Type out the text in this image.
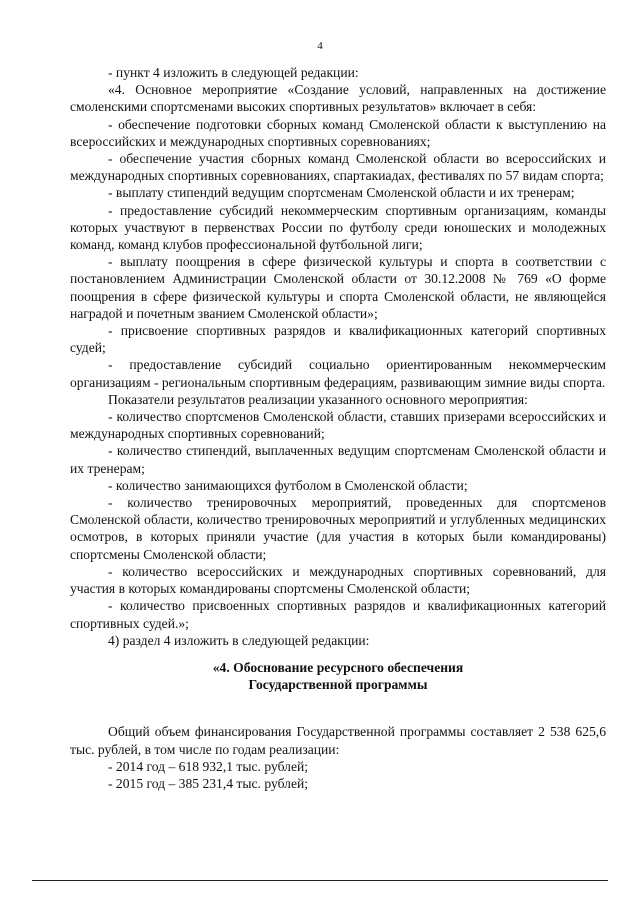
4

- пункт 4 изложить в следующей редакции:

«4. Основное мероприятие «Создание условий, направленных на достижение смоленскими спортсменами высоких спортивных результатов» включает в себя:

- обеспечение подготовки сборных команд Смоленской области к выступлению на всероссийских и международных спортивных соревнованиях;

- обеспечение участия сборных команд Смоленской области во всероссийских и международных спортивных соревнованиях, спартакиадах, фестивалях по 57 видам спорта;

- выплату стипендий ведущим спортсменам Смоленской области и их тренерам;

- предоставление субсидий некоммерческим спортивным организациям, команды которых участвуют в первенствах России по футболу среди юношеских и молодежных команд, команд клубов профессиональной футбольной лиги;

- выплату поощрения в сфере физической культуры и спорта в соответствии с постановлением Администрации Смоленской области от 30.12.2008 № 769 «О форме поощрения в сфере физической культуры и спорта Смоленской области, не являющейся наградой и почетным званием Смоленской области»;

- присвоение спортивных разрядов и квалификационных категорий спортивных судей;

- предоставление субсидий социально ориентированным некоммерческим организациям - региональным спортивным федерациям, развивающим зимние виды спорта.

Показатели результатов реализации указанного основного мероприятия:

- количество спортсменов Смоленской области, ставших призерами всероссийских и международных спортивных соревнований;

- количество стипендий, выплаченных ведущим спортсменам Смоленской области и их тренерам;

- количество занимающихся футболом в Смоленской области;

- количество тренировочных мероприятий, проведенных для спортсменов Смоленской области, количество тренировочных мероприятий и углубленных медицинских осмотров, в которых приняли участие (для участия в которых были командированы) спортсмены Смоленской области;

- количество всероссийских и международных спортивных соревнований, для участия в которых командированы спортсмены Смоленской области;

- количество присвоенных спортивных разрядов и квалификационных категорий спортивных судей.»;

4) раздел 4 изложить в следующей редакции:

«4. Обоснование ресурсного обеспечения
Государственной программы

Общий объем финансирования Государственной программы составляет 2 538 625,6 тыс. рублей, в том числе по годам реализации:

- 2014 год – 618 932,1 тыс. рублей;

- 2015 год – 385 231,4 тыс. рублей;
